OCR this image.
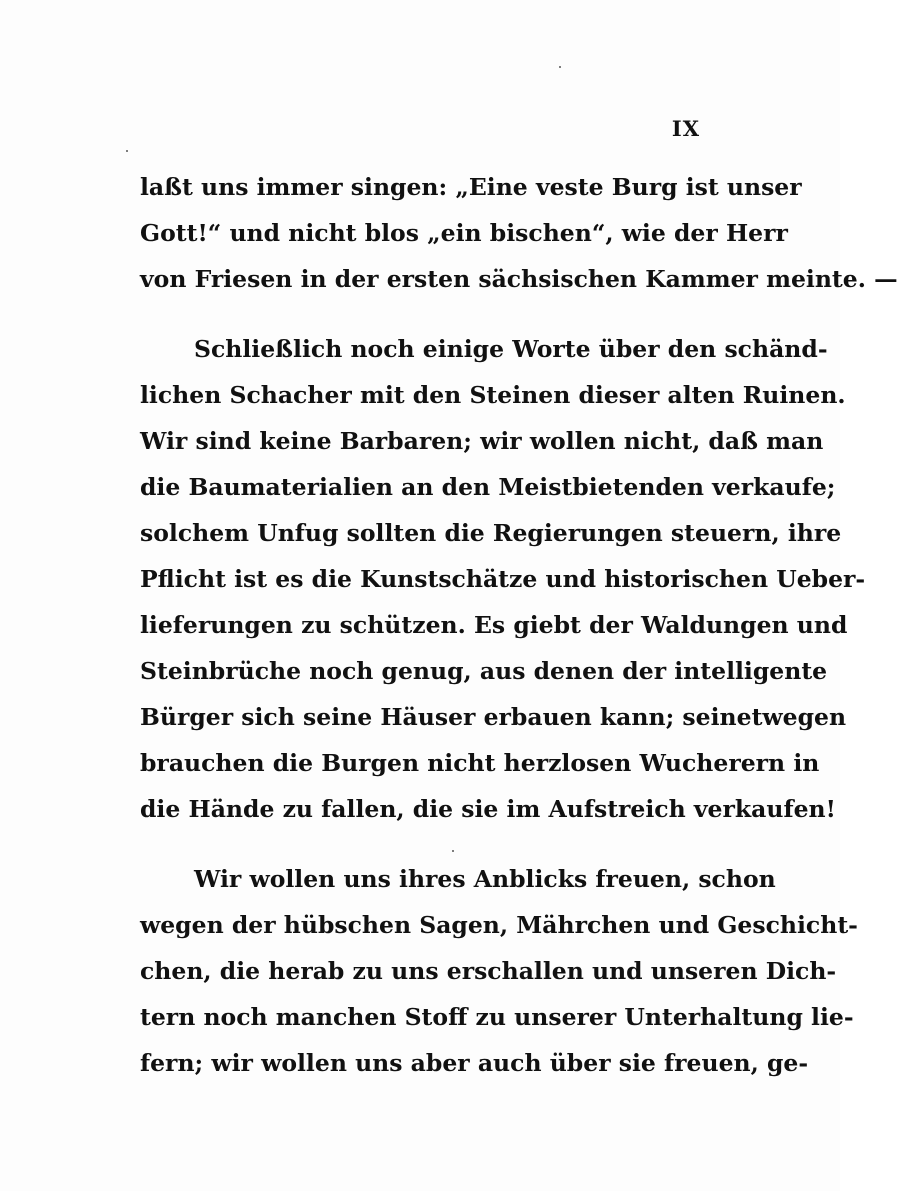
IX
laßt uns immer singen: „Eine veste Burg ist unser
Gott!“ und nicht blos „ein bischen“, wie der Herr
von Friesen in der ersten sächsischen Kammer meinte. —
Schließlich noch einige Worte über den schänd-
lichen Schacher mit den Steinen dieser alten Ruinen.
Wir sind keine Barbaren; wir wollen nicht, daß man
die Baumaterialien an den Meistbietenden verkaufe;
solchem Unfug sollten die Regierungen steuern, ihre
Pflicht ist es die Kunstschätze und historischen Ueber-
lieferungen zu schützen. Es giebt der Waldungen und
Steinbrüche noch genug, aus denen der intelligente
Bürger sich seine Häuser erbauen kann; seinetwegen
brauchen die Burgen nicht herzlosen Wucherern in
die Hände zu fallen, die sie im Aufstreich verkaufen!
Wir wollen uns ihres Anblicks freuen, schon
wegen der hübschen Sagen, Mährchen und Geschicht-
chen, die herab zu uns erschallen und unseren Dich-
tern noch manchen Stoff zu unserer Unterhaltung lie-
fern; wir wollen uns aber auch über sie freuen, ge-
